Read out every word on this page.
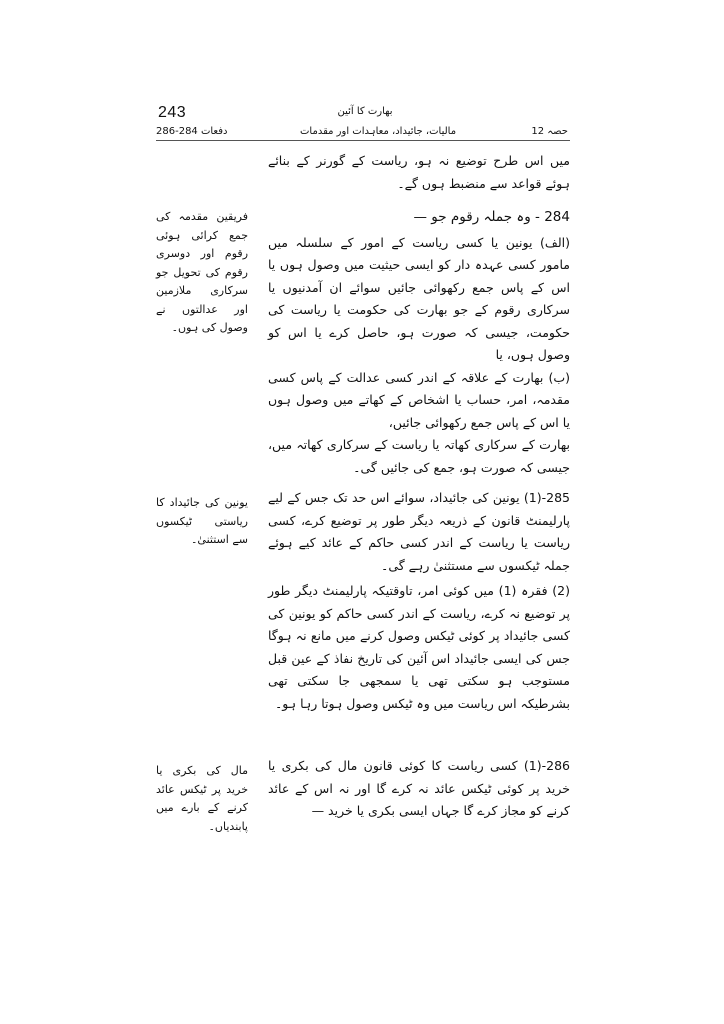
243	بھارت کا آئین
دفعات 284-286	مالیات، جائیداد، معاہدات اور مقدمات	حصہ 12

میں اس طرح توضیع نہ ہو، ریاست کے گورنر کے بنائے ہوئے قواعد سے منضبط ہوں گے۔

284 - وہ جملہ رقوم جو —

(الف) یونین یا کسی ریاست کے امور کے سلسلہ میں مامور کسی عہدہ دار کو ایسی حیثیت میں وصول ہوں یا اس کے پاس جمع رکھوائی جائیں سوائے ان آمدنیوں یا سرکاری رقوم کے جو بھارت کی حکومت یا ریاست کی حکومت، جیسی کہ صورت ہو، حاصل کرے یا اس کو وصول ہوں، یا

(ب) بھارت کے علاقہ کے اندر کسی عدالت کے پاس کسی مقدمہ، امر، حساب یا اشخاص کے کھاتے میں وصول ہوں یا اس کے پاس جمع رکھوائی جائیں،

بھارت کے سرکاری کھاتہ یا ریاست کے سرکاری کھاتہ میں، جیسی کہ صورت ہو، جمع کی جائیں گی۔

285-(1) یونین کی جائیداد، سوائے اس حد تک جس کے لیے پارلیمنٹ قانون کے ذریعہ دیگر طور پر توضیع کرے، کسی ریاست یا ریاست کے اندر کسی حاکم کے عائد کیے ہوئے جملہ ٹیکسوں سے مستثنیٰ رہے گی۔

(2) فقرہ (1) میں کوئی امر، تاوقتیکہ پارلیمنٹ دیگر طور پر توضیع نہ کرے، ریاست کے اندر کسی حاکم کو یونین کی کسی جائیداد پر کوئی ٹیکس وصول کرنے میں مانع نہ ہوگا جس کی ایسی جائیداد اس آئین کی تاریخ نفاذ کے عین قبل مستوجب ہو سکتی تھی یا سمجھی جا سکتی تھی بشرطیکہ اس ریاست میں وہ ٹیکس وصول ہوتا رہا ہو۔

286-(1) کسی ریاست کا کوئی قانون مال کی بکری یا خرید پر کوئی ٹیکس عائد نہ کرے گا اور نہ اس کے عائد کرنے کو مجاز کرے گا جہاں ایسی بکری یا خرید —

فریقین مقدمہ کی جمع کرائی ہوئی رقوم اور دوسری رقوم کی تحویل جو سرکاری ملازمین اور عدالتوں نے وصول کی ہوں۔
یونین کی جائیداد کا ریاستی ٹیکسوں سے استثنیٰ۔
مال کی بکری یا خرید پر ٹیکس عائد کرنے کے بارے میں پابندیاں۔
